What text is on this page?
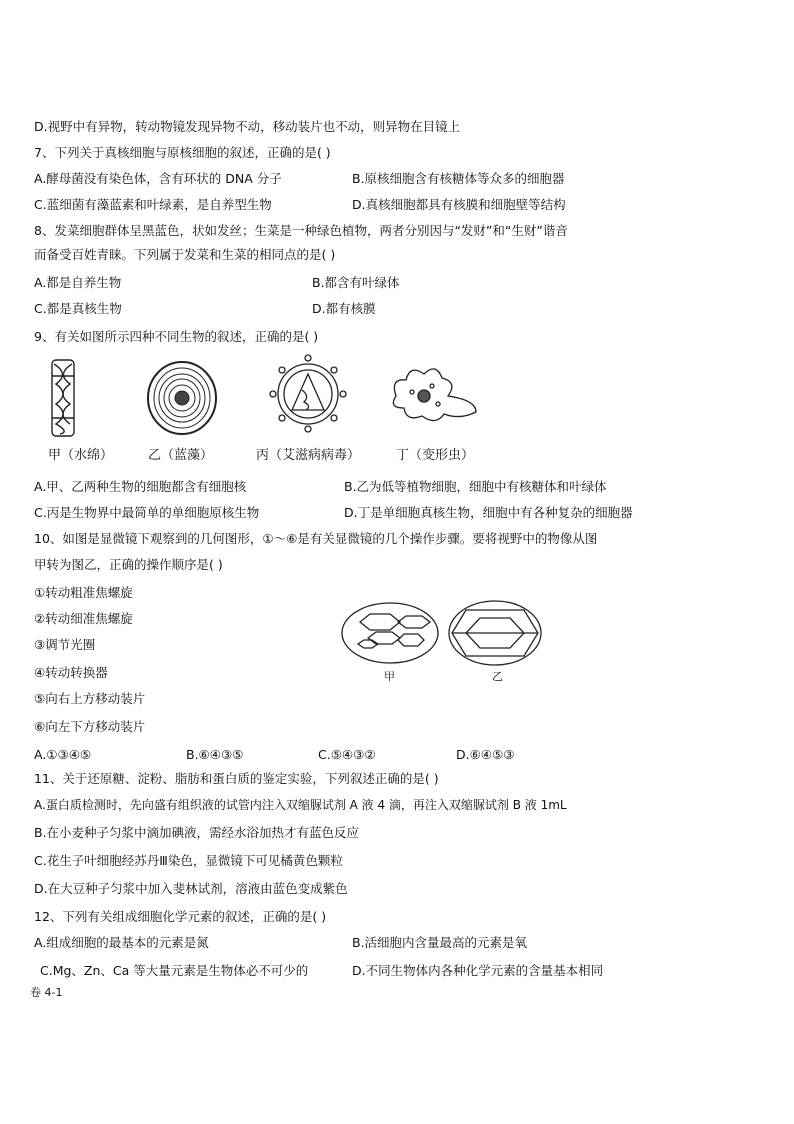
D.视野中有异物，转动物镜发现异物不动，移动装片也不动，则异物在目镜上
7、下列关于真核细胞与原核细胞的叙述，正确的是( )
A.酵母菌没有染色体，含有环状的 DNA 分子	B.原核细胞含有核糖体等众多的细胞器
C.蓝细菌有藻蓝素和叶绿素，是自养型生物	D.真核细胞都具有核膜和细胞壁等结构
8、发菜细胞群体呈黑蓝色，状如发丝；生菜是一种绿色植物，两者分别因与“发财”和“生财”谐音
而备受百姓青睐。下列属于发菜和生菜的相同点的是( )
A.都是自养生物	B.都含有叶绿体
C.都是真核生物	D.都有核膜
9、有关如图所示四种不同生物的叙述，正确的是( )
甲（水绵）	乙（蓝藻）	丙（艾滋病病毒）	丁（变形虫）
A.甲、乙两种生物的细胞都含有细胞核	B.乙为低等植物细胞，细胞中有核糖体和叶绿体
C.丙是生物界中最简单的单细胞原核生物	D.丁是单细胞真核生物，细胞中有各种复杂的细胞器
10、如图是显微镜下观察到的几何图形，①～⑥是有关显微镜的几个操作步骤。要将视野中的物像从图
甲转为图乙，正确的操作顺序是( )
①转动粗准焦螺旋
②转动细准焦螺旋
③调节光圈
④转动转换器
⑤向右上方移动装片
⑥向左下方移动装片
甲	乙
A.①③④⑤	B.⑥④③⑤	C.⑤④③②	D.⑥④⑤③
11、关于还原糖、淀粉、脂肪和蛋白质的鉴定实验，下列叙述正确的是( )
A.蛋白质检测时，先向盛有组织液的试管内注入双缩脲试剂 A 液 4 滴，再注入双缩脲试剂 B 液 1mL
B.在小麦种子匀浆中滴加碘液，需经水浴加热才有蓝色反应
C.花生子叶细胞经苏丹Ⅲ染色，显微镜下可见橘黄色颗粒
D.在大豆种子匀浆中加入斐林试剂，溶液由蓝色变成紫色
12、下列有关组成细胞化学元素的叙述，正确的是( )
A.组成细胞的最基本的元素是氮	B.活细胞内含量最高的元素是氧
C.Mg、Zn、Ca 等大量元素是生物体必不可少的	D.不同生物体内各种化学元素的含量基本相同
卷 4-1
